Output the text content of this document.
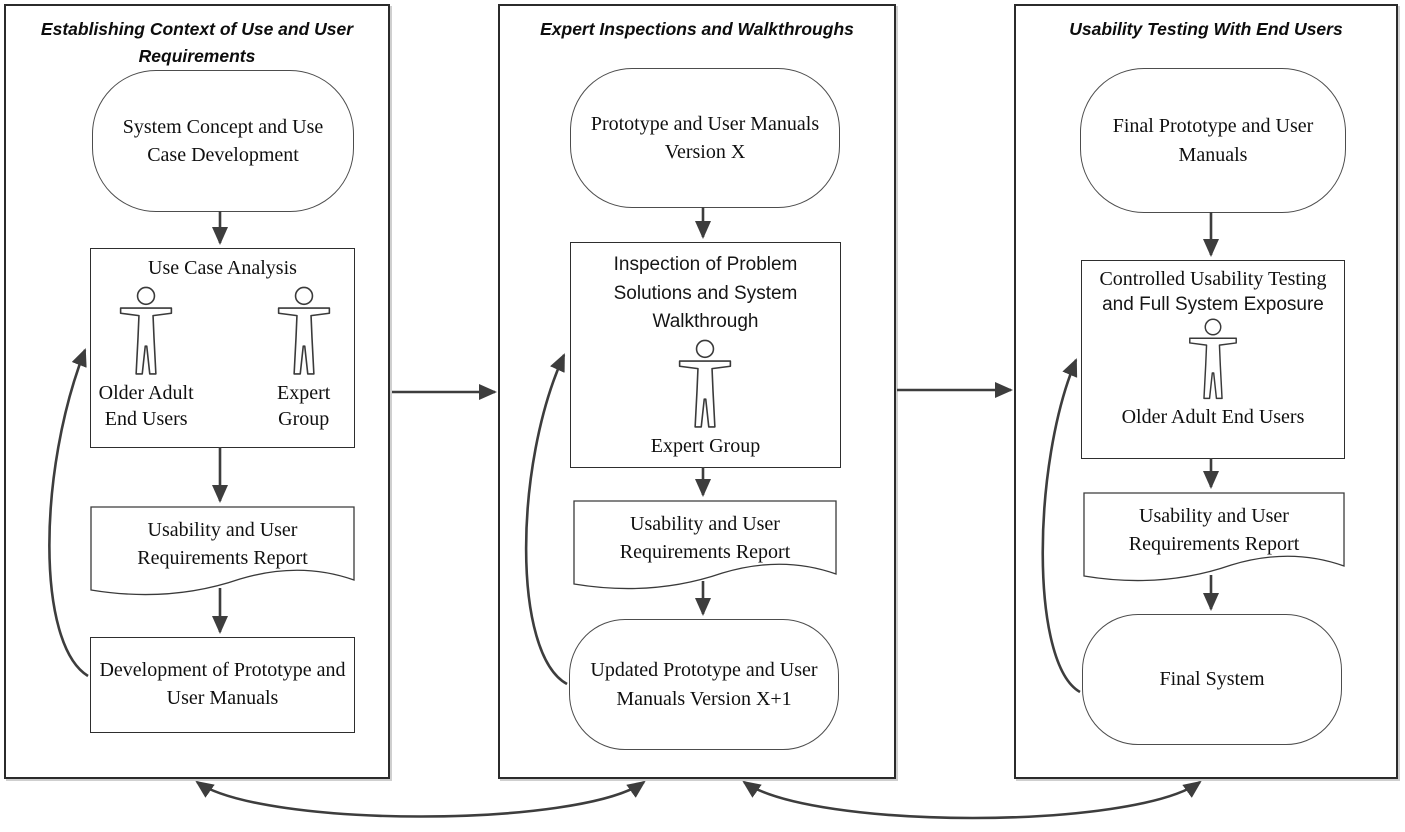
Establishing Context of Use and User Requirements
System Concept and Use Case Development
Use Case Analysis
Older Adult End Users
Expert Group
Usability and User Requirements Report
Development of Prototype and User Manuals
Expert Inspections and Walkthroughs
Prototype and User Manuals Version X
Inspection of Problem Solutions and System Walkthrough
Expert Group
Usability and User Requirements Report
Updated Prototype and User Manuals Version X+1
Usability Testing With End Users
Final Prototype and User Manuals
Controlled Usability Testing
and Full System Exposure
Older Adult End Users
Usability and User Requirements Report
Final System
